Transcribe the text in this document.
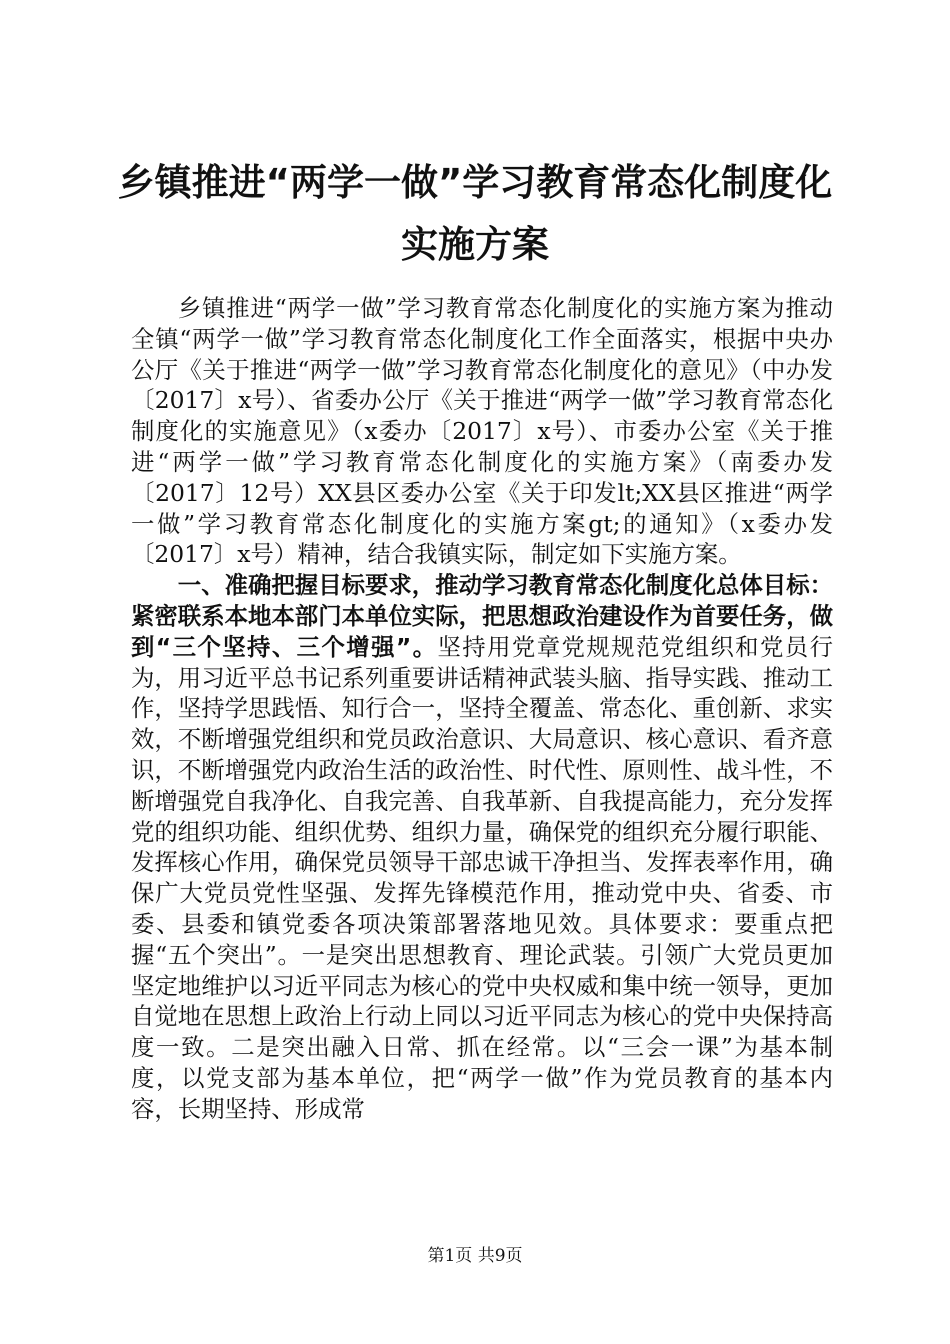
乡镇推进“两学一做”学习教育常态化制度化实施方案

乡镇推进“两学一做”学习教育常态化制度化的实施方案为推动全镇“两学一做”学习教育常态化制度化工作全面落实，根据中央办公厅《关于推进“两学一做”学习教育常态化制度化的意见》（中办发〔2017〕x号）、省委办公厅《关于推进“两学一做”学习教育常态化制度化的实施意见》（x委办〔2017〕x号）、市委办公室《关于推进“两学一做”学习教育常态化制度化的实施方案》（南委办发〔2017〕12号）XX县区委办公室《关于印发lt;XX县区推进“两学一做”学习教育常态化制度化的实施方案gt;的通知》（x委办发〔2017〕x号）精神，结合我镇实际，制定如下实施方案。

一、准确把握目标要求，推动学习教育常态化制度化总体目标：紧密联系本地本部门本单位实际，把思想政治建设作为首要任务，做到“三个坚持、三个增强”。坚持用党章党规规范党组织和党员行为，用习近平总书记系列重要讲话精神武装头脑、指导实践、推动工作，坚持学思践悟、知行合一，坚持全覆盖、常态化、重创新、求实效，不断增强党组织和党员政治意识、大局意识、核心意识、看齐意识，不断增强党内政治生活的政治性、时代性、原则性、战斗性，不断增强党自我净化、自我完善、自我革新、自我提高能力，充分发挥党的组织功能、组织优势、组织力量，确保党的组织充分履行职能、发挥核心作用，确保党员领导干部忠诚干净担当、发挥表率作用，确保广大党员党性坚强、发挥先锋模范作用，推动党中央、省委、市委、县委和镇党委各项决策部署落地见效。具体要求：要重点把握“五个突出”。一是突出思想教育、理论武装。引领广大党员更加坚定地维护以习近平同志为核心的党中央权威和集中统一领导，更加自觉地在思想上政治上行动上同以习近平同志为核心的党中央保持高度一致。二是突出融入日常、抓在经常。以“三会一课”为基本制度，以党支部为基本单位，把“两学一做”作为党员教育的基本内容，长期坚持、形成常

第1页 共9页
